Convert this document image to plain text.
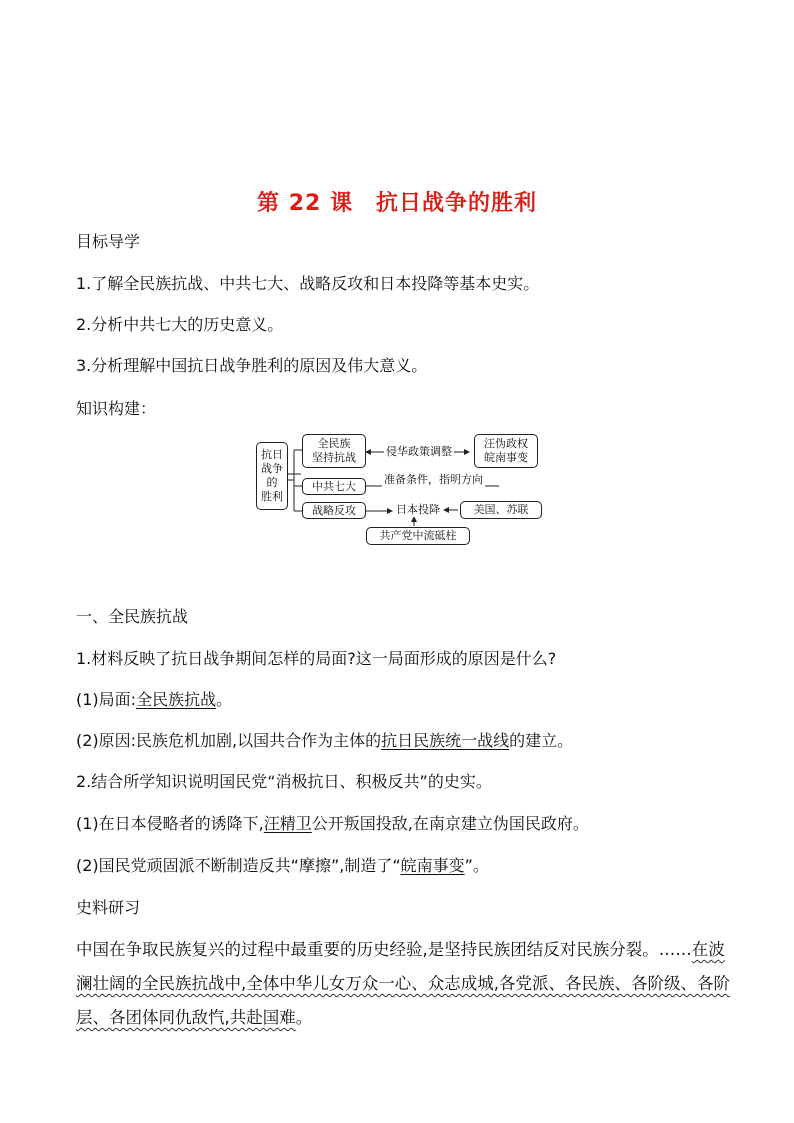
第 22 课　抗日战争的胜利
目标导学
1.了解全民族抗战、中共七大、战略反攻和日本投降等基本史实。
2.分析中共七大的历史意义。
3.分析理解中国抗日战争胜利的原因及伟大意义。
知识构建：
抗日
战争
的
胜利
全民族
坚持抗战	侵华政策调整
汪伪政权
皖南事变
中共七大	准备条件，指明方向
战略反攻	日本投降	美国、苏联
共产党中流砥柱
一、全民族抗战
1.材料反映了抗日战争期间怎样的局面?这一局面形成的原因是什么?
(1)局面:全民族抗战。
(2)原因:民族危机加剧,以国共合作为主体的抗日民族统一战线的建立。
2.结合所学知识说明国民党“消极抗日、积极反共”的史实。
(1)在日本侵略者的诱降下,汪精卫公开叛国投敌,在南京建立伪国民政府。
(2)国民党顽固派不断制造反共“摩擦”,制造了“皖南事变”。
史料研习
中国在争取民族复兴的过程中最重要的历史经验,是坚持民族团结反对民族分裂。……在波澜壮阔的全民族抗战中,全体中华儿女万众一心、众志成城,各党派、各民族、各阶级、各阶层、各团体同仇敌忾,共赴国难。
